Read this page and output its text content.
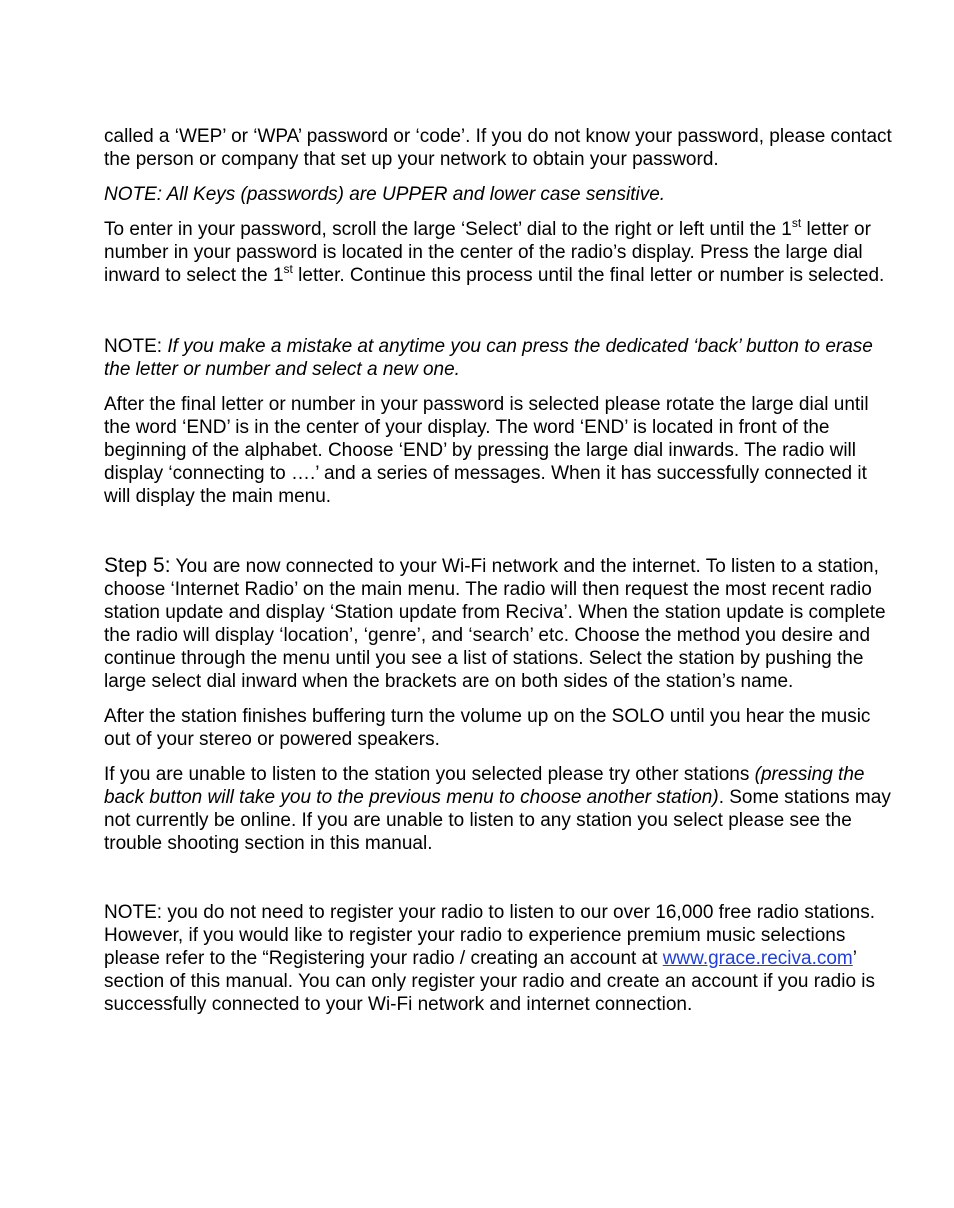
called a ‘WEP’ or ‘WPA’ password or ‘code’. If you do not know your password, please contact the person or company that set up your network to obtain your password.

NOTE: All Keys (passwords) are UPPER and lower case sensitive.

To enter in your password, scroll the large ‘Select’ dial to the right or left until the 1st letter or number in your password is located in the center of the radio’s display. Press the large dial inward to select the 1st letter. Continue this process until the final letter or number is selected.

NOTE: If you make a mistake at anytime you can press the dedicated ‘back’ button to erase the letter or number and select a new one.

After the final letter or number in your password is selected please rotate the large dial until the word ‘END’ is in the center of your display. The word ‘END’ is located in front of the beginning of the alphabet. Choose ‘END’ by pressing the large dial inwards. The radio will display ‘connecting to ….’ and a series of messages. When it has successfully connected it will display the main menu.

Step 5: You are now connected to your Wi-Fi network and the internet. To listen to a station, choose ‘Internet Radio’ on the main menu. The radio will then request the most recent radio station update and display ‘Station update from Reciva’. When the station update is complete the radio will display ‘location’, ‘genre’, and ‘search’ etc. Choose the method you desire and continue through the menu until you see a list of stations. Select the station by pushing the large select dial inward when the brackets are on both sides of the station’s name.

After the station finishes buffering turn the volume up on the SOLO until you hear the music out of your stereo or powered speakers.

If you are unable to listen to the station you selected please try other stations (pressing the back button will take you to the previous menu to choose another station). Some stations may not currently be online. If you are unable to listen to any station you select please see the trouble shooting section in this manual.

NOTE: you do not need to register your radio to listen to our over 16,000 free radio stations. However, if you would like to register your radio to experience premium music selections please refer to the “Registering your radio / creating an account at www.grace.reciva.com’ section of this manual. You can only register your radio and create an account if you radio is successfully connected to your Wi-Fi network and internet connection.
